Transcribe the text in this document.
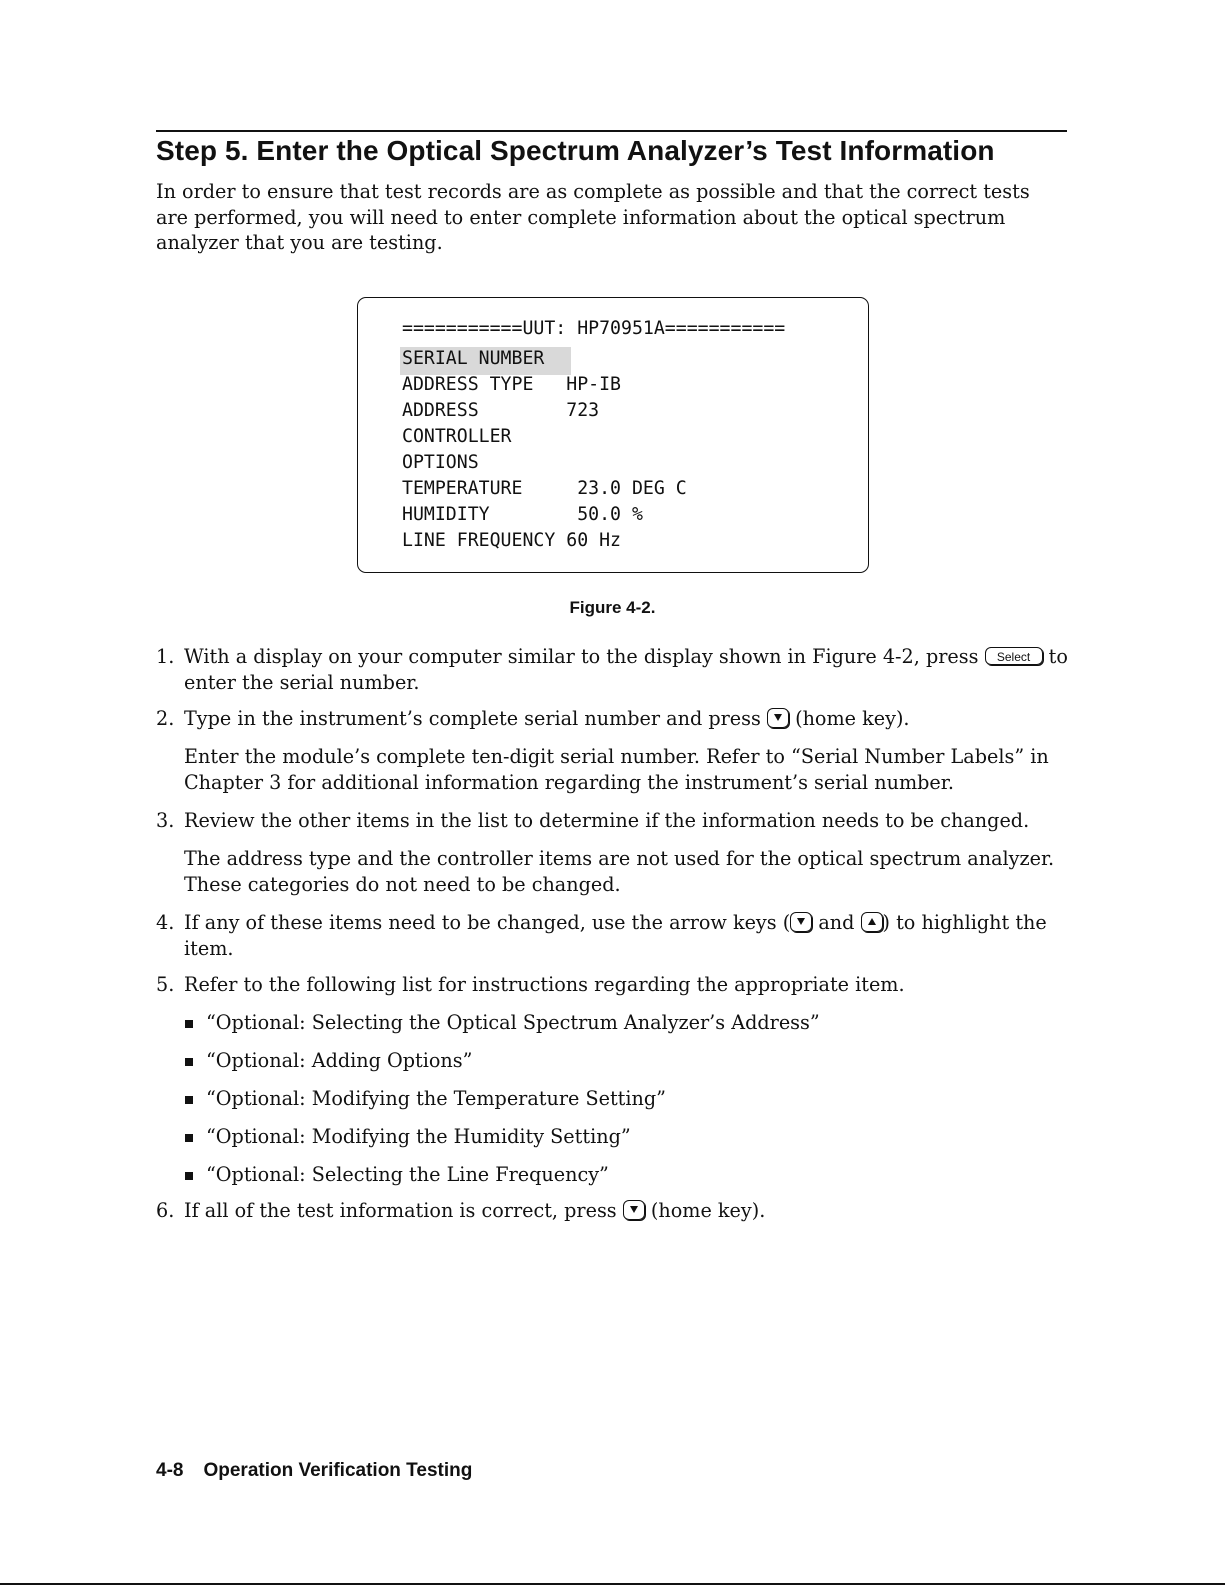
Step 5. Enter the Optical Spectrum Analyzer’s Test Information
In order to ensure that test records are as complete as possible and that the correct tests are performed, you will need to enter complete information about the optical spectrum analyzer that you are testing.
===========UUT: HP70951A===========
SERIAL NUMBER
ADDRESS TYPE   HP-IB
ADDRESS        723
CONTROLLER
OPTIONS
TEMPERATURE     23.0 DEG C
HUMIDITY        50.0 %
LINE FREQUENCY 60 Hz
Figure 4-2.
1. With a display on your computer similar to the display shown in Figure 4-2, press Select to
enter the serial number.
2. Type in the instrument’s complete serial number and press (home key).
Enter the module’s complete ten-digit serial number. Refer to “Serial Number Labels” in
Chapter 3 for additional information regarding the instrument’s serial number.
3. Review the other items in the list to determine if the information needs to be changed.
The address type and the controller items are not used for the optical spectrum analyzer.
These categories do not need to be changed.
4. If any of these items need to be changed, use the arrow keys ( and ) to highlight the
item.
5. Refer to the following list for instructions regarding the appropriate item.
“Optional: Selecting the Optical Spectrum Analyzer’s Address”
“Optional: Adding Options”
“Optional: Modifying the Temperature Setting”
“Optional: Modifying the Humidity Setting”
“Optional: Selecting the Line Frequency”
6. If all of the test information is correct, press (home key).
4-8 Operation Verification Testing
